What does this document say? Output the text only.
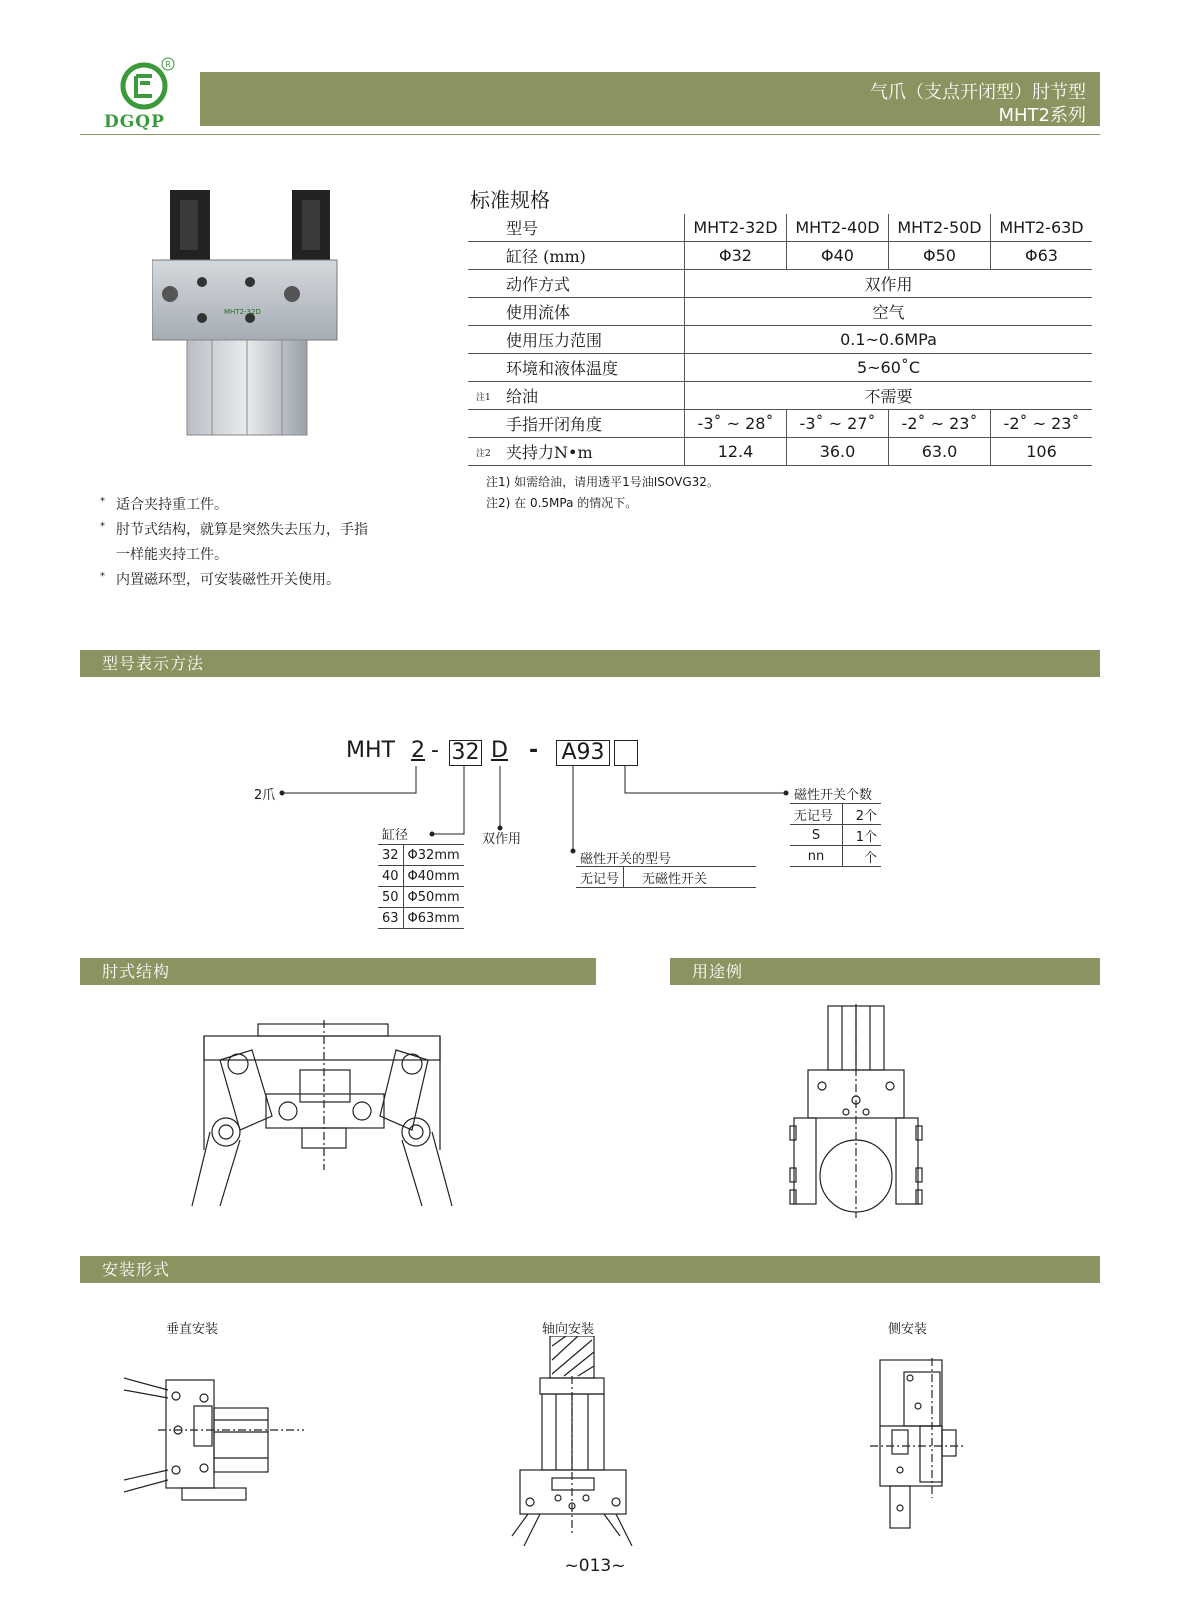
R
DGQP
气爪（支点开闭型）肘节型
MHT2系列
MHT2-32D
标准规格
型号	MHT2-32D	MHT2-40D	MHT2-50D	MHT2-63D
缸径 (mm)	Φ32	Φ40	Φ50	Φ63
动作方式	双作用			
使用流体	空气			
使用压力范围	0.1~0.6MPa			
环境和液体温度	5~60˚C			

注1 给油	不需要			
手指开闭角度	-3˚ ~ 28˚	-3˚ ~ 27˚	-2˚ ~ 23˚	-2˚ ~ 23˚

注2 夹持力N•m	12.4	36.0	63.0	106
注1) 如需给油，请用透平1号油ISOVG32。
注2) 在 0.5MPa 的情况下。
* 适合夹持重工件。
* 肘节式结构，就算是突然失去压力，手指
一样能夹持工件。
* 内置磁环型，可安装磁性开关使用。
型号表示方法
MHT 2 - 32 D - A93
2爪
缸径
32	Φ32mm
40	Φ40mm
50	Φ50mm
63	Φ63mm
双作用
磁性开关的型号
无记号	无磁性开关
磁性开关个数
无记号	2个
S	1个
nn	个
肘式结构	用途例
安装形式
垂直安装	轴向安装	侧安装
~013~
